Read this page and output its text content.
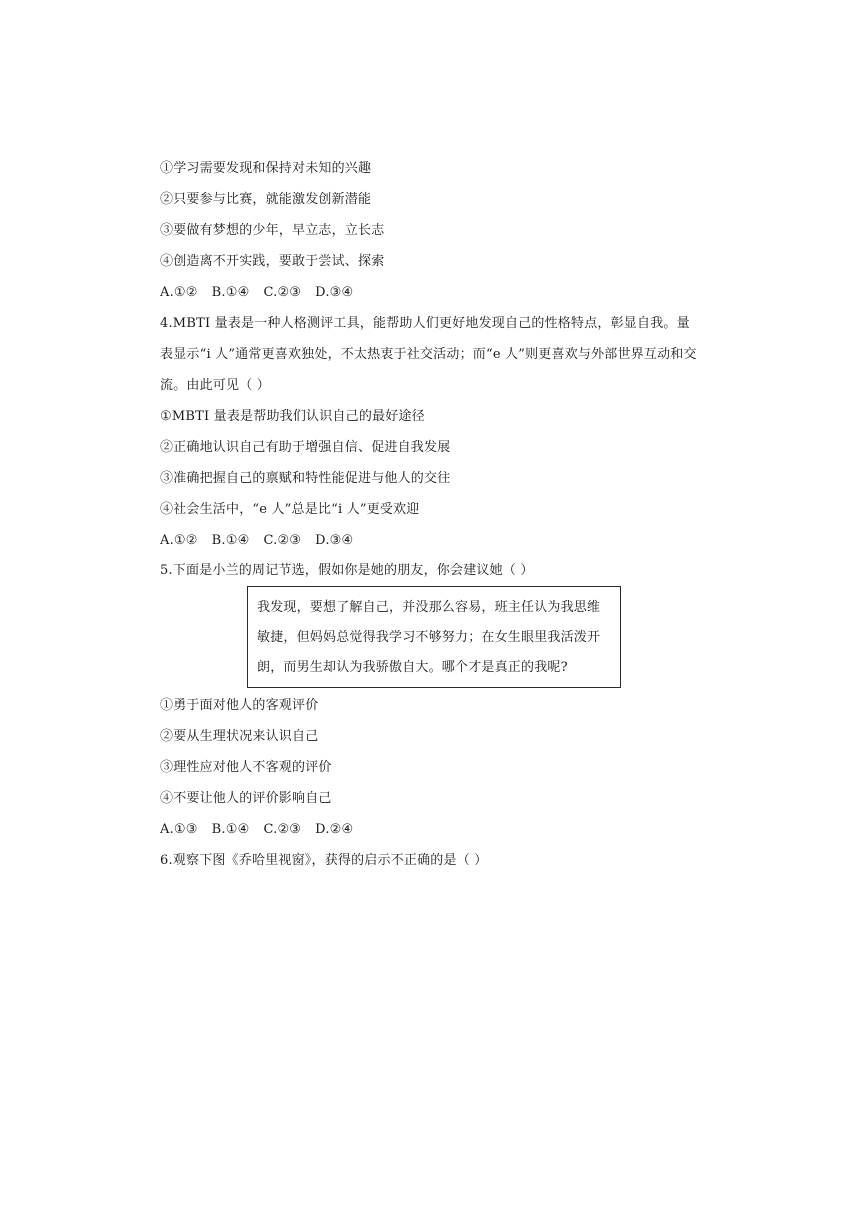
①学习需要发现和保持对未知的兴趣
②只要参与比赛，就能激发创新潜能
③要做有梦想的少年，早立志，立长志
④创造离不开实践，要敢于尝试、探索
A.①② B.①④ C.②③ D.③④
4.MBTI 量表是一种人格测评工具，能帮助人们更好地发现自己的性格特点，彰显自我。量
表显示“i 人”通常更喜欢独处，不太热衷于社交活动；而“e 人”则更喜欢与外部世界互动和交
流。由此可见（ ）
①MBTI 量表是帮助我们认识自己的最好途径
②正确地认识自己有助于增强自信、促进自我发展
③准确把握自己的禀赋和特性能促进与他人的交往
④社会生活中，“e 人”总是比“i 人”更受欢迎
A.①② B.①④ C.②③ D.③④
5.下面是小兰的周记节选，假如你是她的朋友，你会建议她（ ）
我发现，要想了解自己，并没那么容易，班主任认为我思维
敏捷，但妈妈总觉得我学习不够努力；在女生眼里我活泼开
朗，而男生却认为我骄傲自大。哪个才是真正的我呢?
①勇于面对他人的客观评价
②要从生理状况来认识自己
③理性应对他人不客观的评价
④不要让他人的评价影响自己
A.①③ B.①④ C.②③ D.②④
6.观察下图《乔哈里视窗》，获得的启示不正确的是（ ）
